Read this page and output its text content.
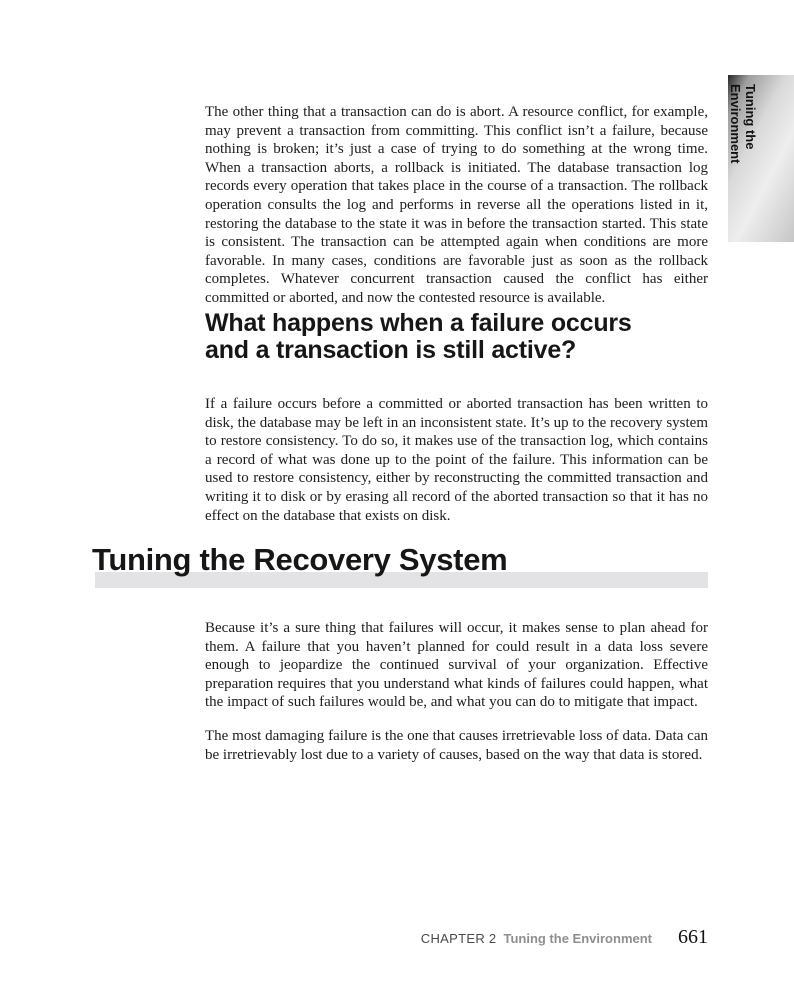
Tuning the
Environment

The other thing that a transaction can do is abort. A resource conflict, for example, may prevent a transaction from committing. This conflict isn’t a failure, because nothing is broken; it’s just a case of trying to do something at the wrong time. When a transaction aborts, a rollback is initiated. The database transaction log records every operation that takes place in the course of a transaction. The rollback operation consults the log and performs in reverse all the operations listed in it, restoring the database to the state it was in before the transaction started. This state is consistent. The transaction can be attempted again when conditions are more favorable. In many cases, conditions are favorable just as soon as the rollback completes. Whatever concurrent transaction caused the conflict has either committed or aborted, and now the contested resource is available.

What happens when a failure occurs
and a transaction is still active?

If a failure occurs before a committed or aborted transaction has been written to disk, the database may be left in an inconsistent state. It’s up to the recovery system to restore consistency. To do so, it makes use of the transaction log, which contains a record of what was done up to the point of the failure. This information can be used to restore consistency, either by reconstructing the committed transaction and writing it to disk or by erasing all record of the aborted transaction so that it has no effect on the database that exists on disk.

Tuning the Recovery System

Because it’s a sure thing that failures will occur, it makes sense to plan ahead for them. A failure that you haven’t planned for could result in a data loss severe enough to jeopardize the continued survival of your organization. Effective preparation requires that you understand what kinds of failures could happen, what the impact of such failures would be, and what you can do to mitigate that impact.

The most damaging failure is the one that causes irretrievable loss of data. Data can be irretrievably lost due to a variety of causes, based on the way that data is stored.

CHAPTER 2 Tuning the Environment 661
